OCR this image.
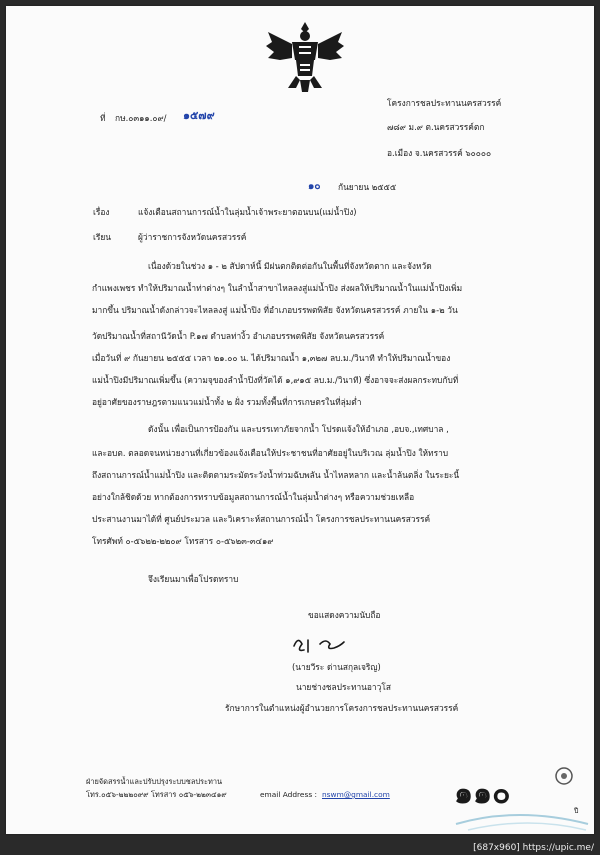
ที่ กษ.๐๓๑๑.๐๙/ ๑๕๗๙
โครงการชลประทานนครสวรรค์
๗๘๙ ม.๙ ต.นครสวรรค์ตก
อ.เมือง จ.นครสวรรค์ ๖๐๐๐๐
๑๐ กันยายน ๒๕๕๕
เรื่อง	แจ้งเตือนสถานการณ์น้ำในลุ่มน้ำเจ้าพระยาตอนบน(แม่น้ำปิง)
เรียน	ผู้ว่าราชการจังหวัดนครสวรรค์
เนื่องด้วยในช่วง ๑ - ๒ สัปดาห์นี้ มีฝนตกติดต่อกันในพื้นที่จังหวัดตาก และจังหวัด
กำแพงเพชร ทำให้ปริมาณน้ำท่าต่างๆ ในลำน้ำสาขาไหลลงสู่แม่น้ำปิง ส่งผลให้ปริมาณน้ำในแม่น้ำปิงเพิ่ม
มากขึ้น ปริมาณน้ำดังกล่าวจะไหลลงสู่ แม่น้ำปิง ที่อำเภอบรรพตพิสัย จังหวัดนครสวรรค์ ภายใน ๑-๒ วัน
วัดปริมาณน้ำที่สถานีวัดน้ำ P.๑๗ ตำบลท่างิ้ว อำเภอบรรพตพิสัย จังหวัดนครสวรรค์
เมื่อวันที่ ๙ กันยายน ๒๕๕๕ เวลา ๒๑.๐๐ น. ได้ปริมาณน้ำ ๑,๓๒๗ ลบ.ม./วินาที ทำให้ปริมาณน้ำของ
แม่น้ำปิงมีปริมาณเพิ่มขึ้น (ความจุของลำน้ำปิงที่วัดได้ ๑,๙๑๕ ลบ.ม./วินาที) ซึ่งอาจจะส่งผลกระทบกับที่
อยู่อาศัยของราษฎรตามแนวแม่น้ำทั้ง ๒ ฝั่ง รวมทั้งพื้นที่การเกษตรในที่ลุ่มต่ำ
ดังนั้น เพื่อเป็นการป้องกัน และบรรเทาภัยจากน้ำ โปรดแจ้งให้อำเภอ ,อบจ.,เทศบาล ,
และอบต. ตลอดจนหน่วยงานที่เกี่ยวข้องแจ้งเตือนให้ประชาชนที่อาศัยอยู่ในบริเวณ ลุ่มน้ำปิง ให้ทราบ
ถึงสถานการณ์น้ำแม่น้ำปิง และติดตามระมัดระวังน้ำท่วมฉับพลัน น้ำไหลหลาก และน้ำล้นตลิ่ง ในระยะนี้
อย่างใกล้ชิดด้วย หากต้องการทราบข้อมูลสถานการณ์น้ำในลุ่มน้ำต่างๆ หรือความช่วยเหลือ
ประสานงานมาได้ที่ ศูนย์ประมวล และวิเคราะห์สถานการณ์น้ำ โครงการชลประทานนครสวรรค์
โทรศัพท์ ๐-๕๖๒๒-๒๒๐๙ โทรสาร ๐-๕๖๒๓-๓๔๑๙
จึงเรียนมาเพื่อโปรดทราบ
ขอแสดงความนับถือ
(นายวีระ ด่านสกุลเจริญ)
นายช่างชลประทานอาวุโส
รักษาการในตำแหน่งผู้อำนวยการโครงการชลประทานนครสวรรค์
ฝ่ายจัดสรรน้ำและปรับปรุงระบบชลประทาน
โทร.๐๕๖-๒๒๒๐๙๙ โทรสาร ๐๕๖-๒๒๓๔๑๙	email Address : nswm@gmail.com ๑๑๐	ปี
[687x960] https://upic.me/
